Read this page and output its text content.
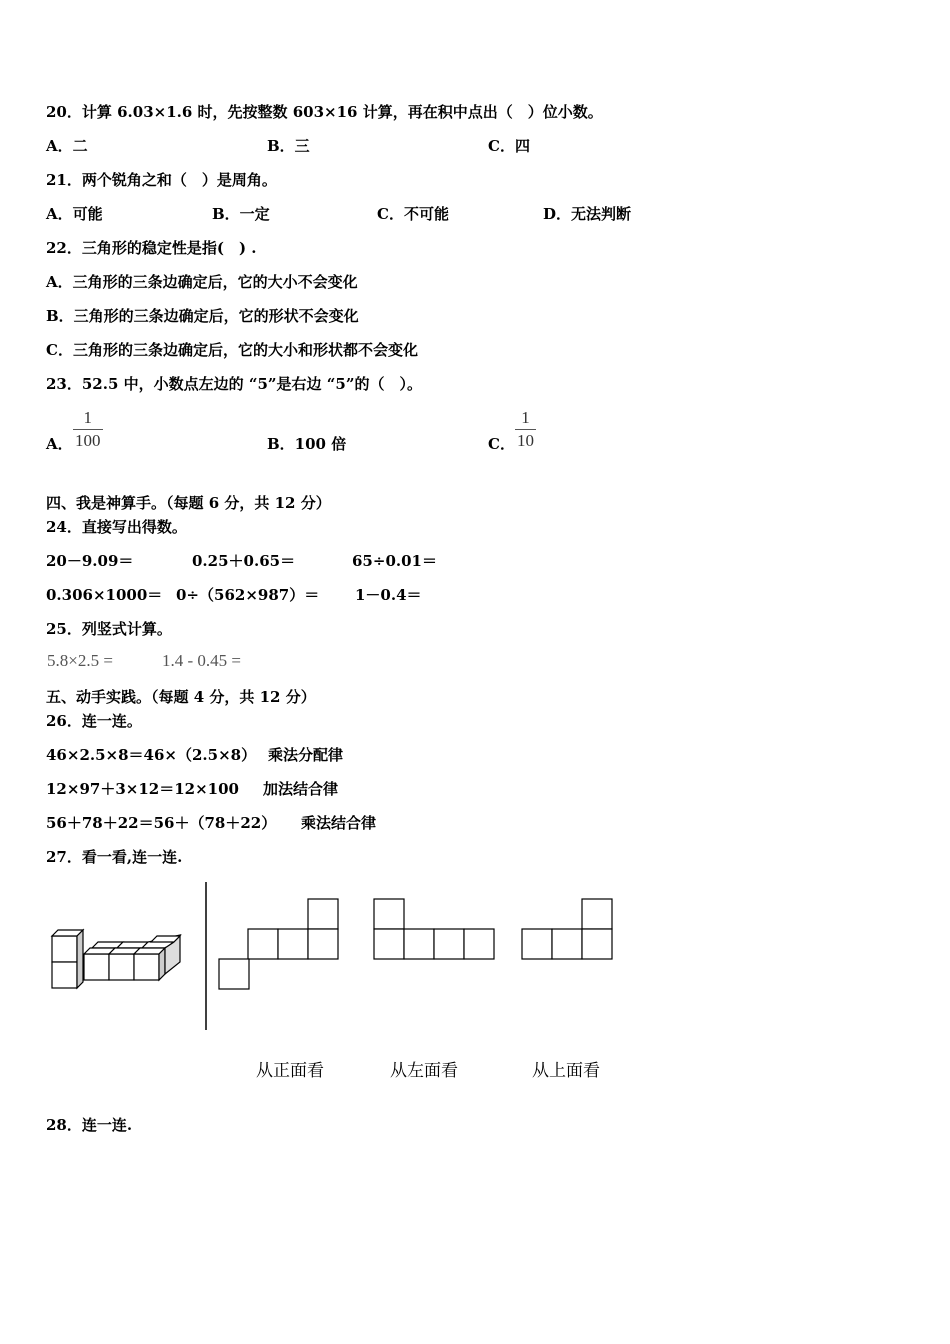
20．计算 6.03×1.6 时，先按整数 603×16 计算，再在积中点出（　）位小数。
A．二	B．三	C．四
21．两个锐角之和（　）是周角。
A．可能	B．一定	C．不可能	D．无法判断
22．三角形的稳定性是指(　) .
A．三角形的三条边确定后，它的大小不会变化
B．三角形的三条边确定后，它的形状不会变化
C．三角形的三条边确定后，它的大小和形状都不会变化
23．52.5 中，小数点左边的 “5”是右边 “5”的（　）。
A．
1
100	B．100 倍	C．
1
10
四、我是神算手。（每题 6 分，共 12 分）
24．直接写出得数。
20－9.09＝	0.25＋0.65＝	65÷0.01＝
0.306×1000＝ 0÷（562×987）＝ 1－0.4＝
25．列竖式计算。
5.8×2.5 =	1.4 - 0.45 =
五、动手实践。（每题 4 分，共 12 分）
26．连一连。
46×2.5×8＝46×（2.5×8） 乘法分配律
12×97＋3×12＝12×100 加法结合律
56＋78＋22＝56＋（78＋22） 乘法结合律
27．看一看,连一连.
从正面看	从左面看	从上面看
28．连一连.
